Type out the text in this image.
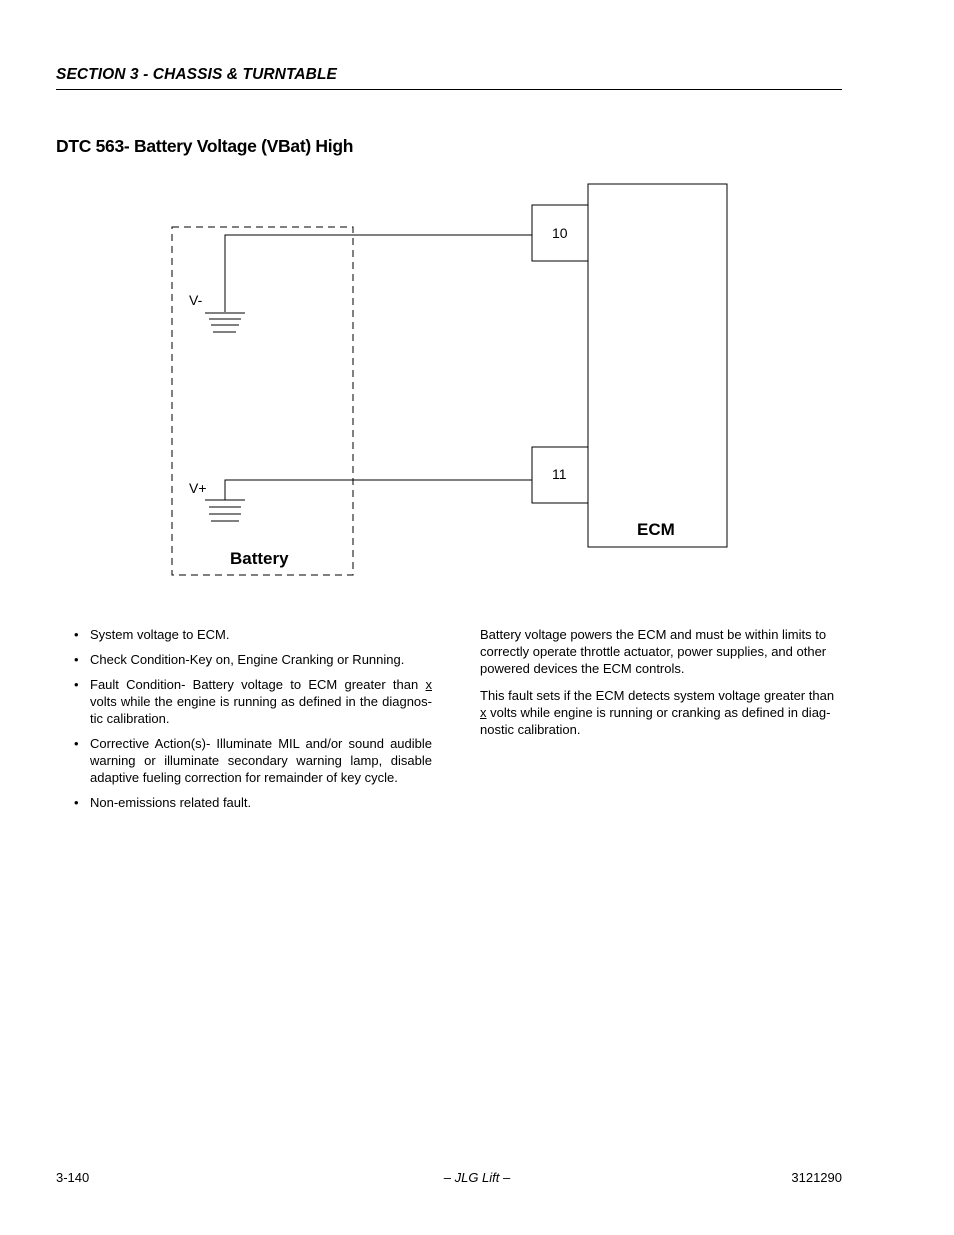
SECTION 3 - CHASSIS & TURNTABLE
DTC 563- Battery Voltage (VBat) High
V-
V+
10
11
ECM
Battery
• System voltage to ECM.
• Check Condition-Key on, Engine Cranking or Running.
• Fault Condition- Battery voltage to ECM greater than x volts while the engine is running as defined in the diagnos-tic calibration.
• Corrective Action(s)- Illuminate MIL and/or sound audible warning or illuminate secondary warning lamp, disable adaptive fueling correction for remainder of key cycle.
• Non-emissions related fault.

Battery voltage powers the ECM and must be within limits to correctly operate throttle actuator, power supplies, and other powered devices the ECM controls.

This fault sets if the ECM detects system voltage greater than x volts while engine is running or cranking as defined in diag-nostic calibration.

3-140	– JLG Lift –	3121290
